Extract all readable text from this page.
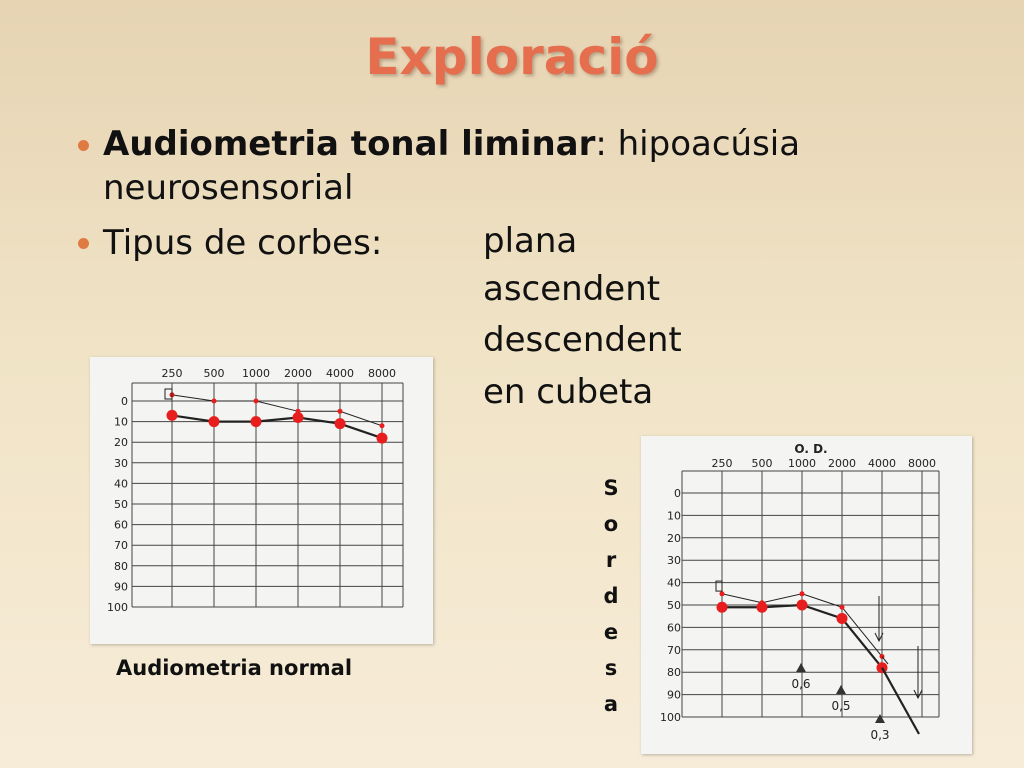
Exploració
Audiometria tonal liminar: hipoacúsia neurosensorial
Tipus de corbes:	plana
ascendent
descendent
en cubeta
250 500 1000 2000 4000 8000
0
10
20
30
40
50
60
70
80
90
100
Audiometria normal
S
o
r
d
e
s
a
250 500 1000 2000 4000 8000
0
10
20
30
40
50
60
70
80
90
100
O. D.
0,6
0,5
0,3
